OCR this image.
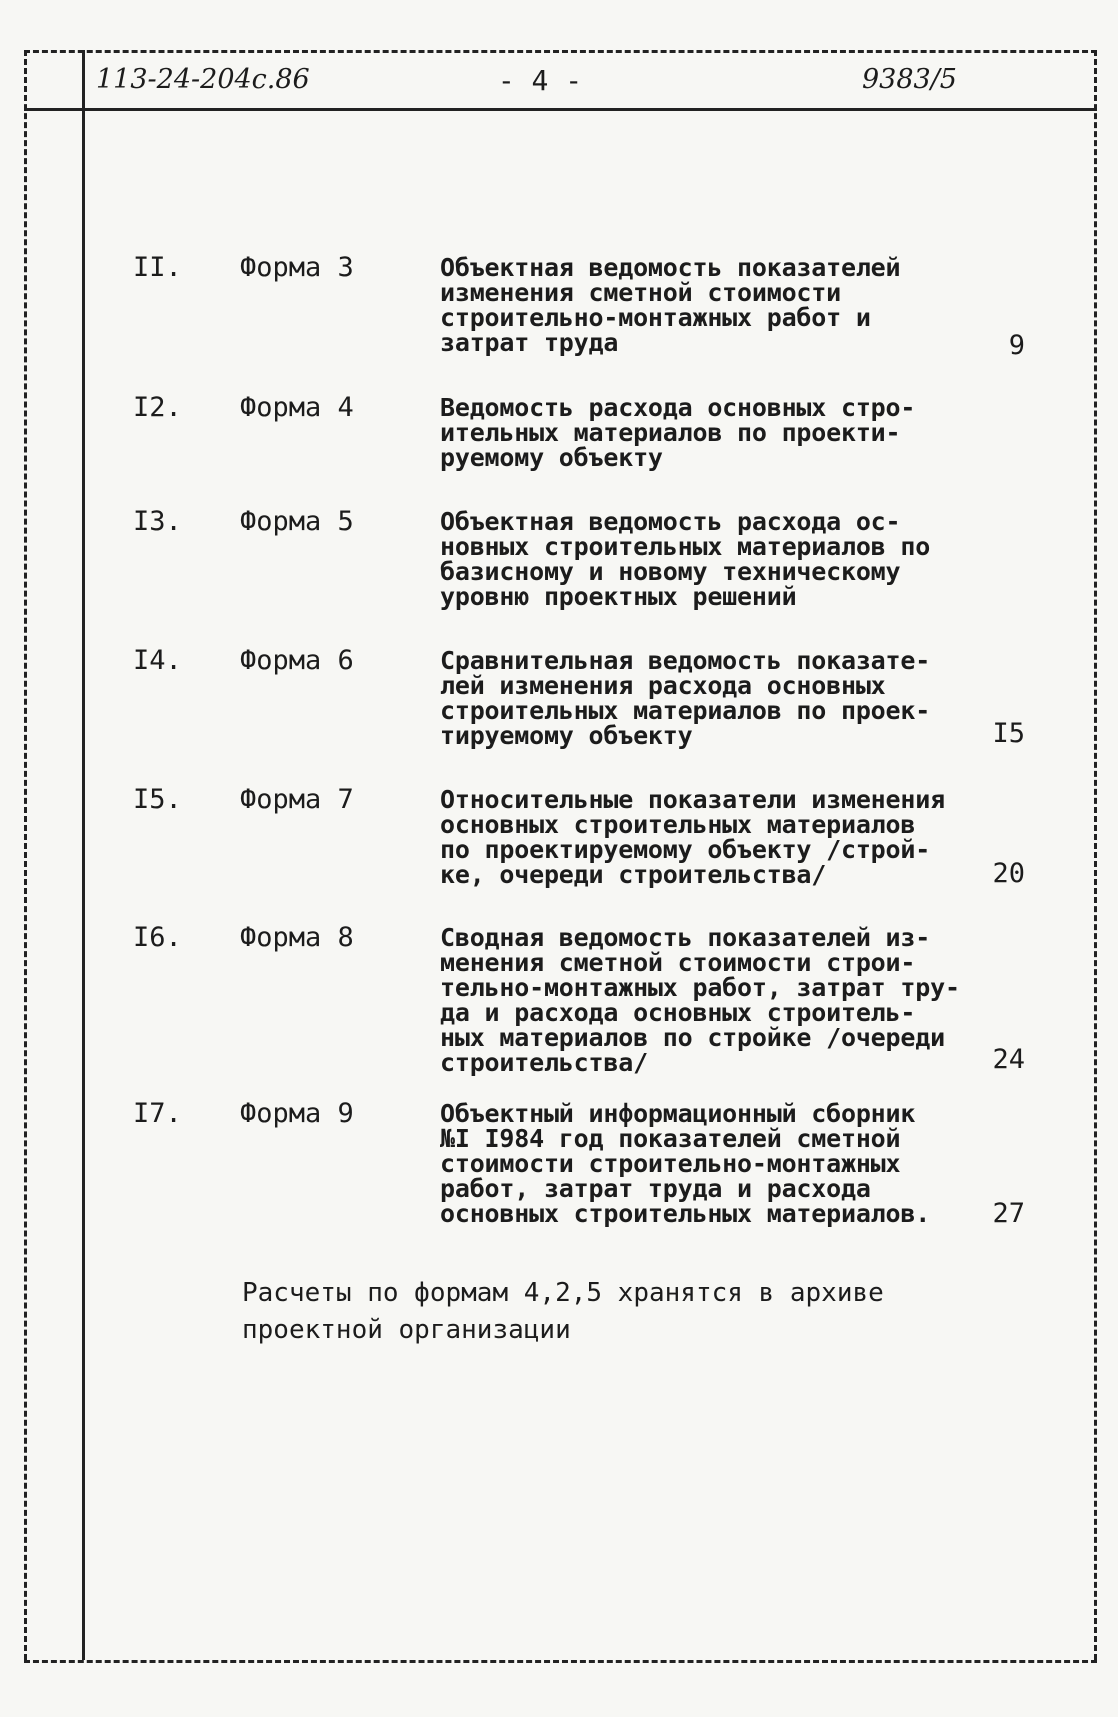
113-24-204с.86	- 4 -	9383/5
II. Форма 3	Объектная ведомость показателей
изменения сметной стоимости
строительно-монтажных работ и
затрат труда	9
I2. Форма 4	Ведомость расхода основных стро-
ительных материалов по проекти-
руемому объекту
I3. Форма 5	Объектная ведомость расхода ос-
новных строительных материалов по
базисному и новому техническому
уровню проектных решений
I4. Форма 6	Сравнительная ведомость показате-
лей изменения расхода основных
строительных материалов по проек-
тируемому объекту	I5
I5. Форма 7	Относительные показатели изменения
основных строительных материалов
по проектируемому объекту /строй-
ке, очереди строительства/	20
I6. Форма 8	Сводная ведомость показателей из-
менения сметной стоимости строи-
тельно-монтажных работ, затрат тру-
да и расхода основных строитель-
ных материалов по стройке /очереди
строительства/	24
I7. Форма 9	Объектный информационный сборник
№I I984 год показателей сметной
стоимости строительно-монтажных
работ, затрат труда и расхода
основных строительных материалов.	27
Расчеты по формам 4,2,5 хранятся в архиве
проектной организации
